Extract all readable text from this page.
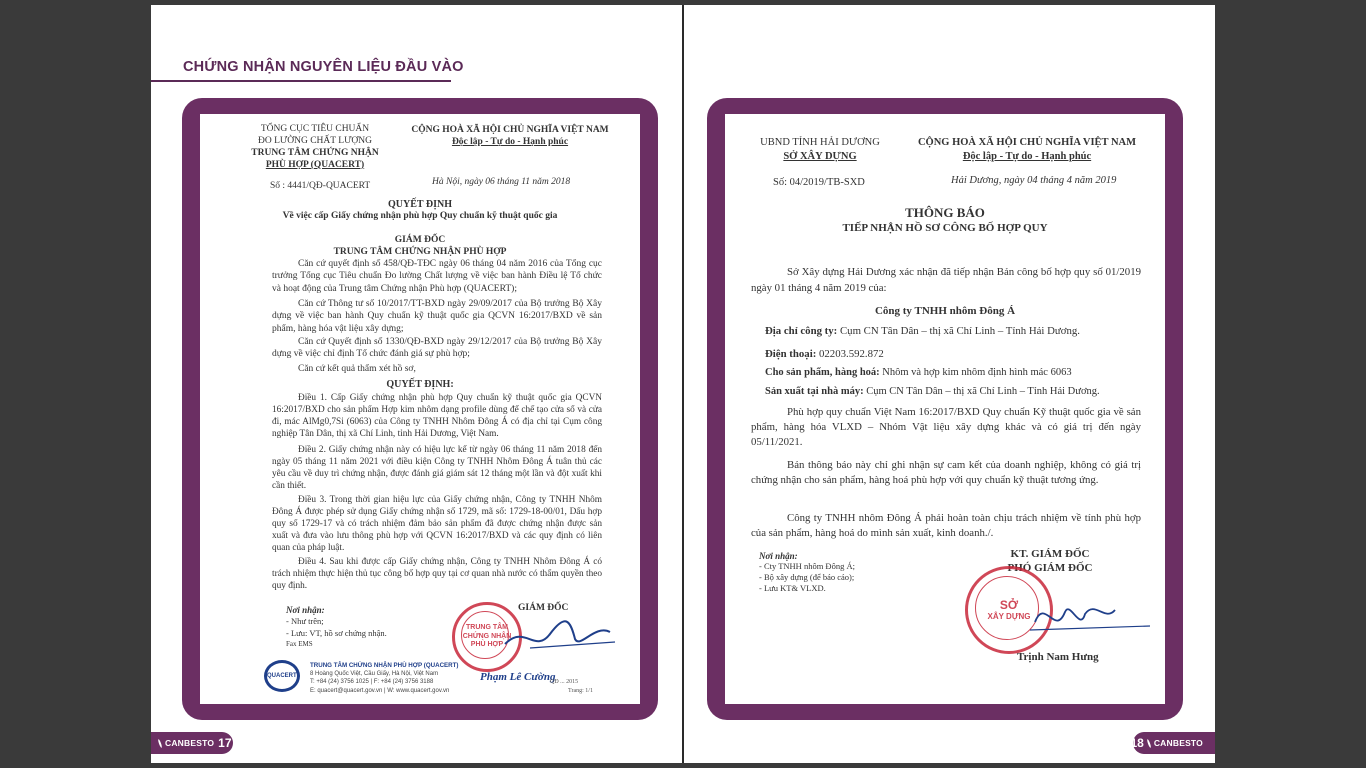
CHỨNG NHẬN NGUYÊN LIỆU ĐẦU VÀO
TỔNG CỤC TIÊU CHUẨN
ĐO LƯỜNG CHẤT LƯỢNG
TRUNG TÂM CHỨNG NHẬN
PHÙ HỢP (QUACERT)
CỘNG HOÀ XÃ HỘI CHỦ NGHĨA VIỆT NAM
Độc lập - Tự do - Hạnh phúc
Số : 4441/QĐ-QUACERT	Hà Nội, ngày 06 tháng 11 năm 2018
QUYẾT ĐỊNH
Về việc cấp Giấy chứng nhận phù hợp Quy chuẩn kỹ thuật quốc gia
GIÁM ĐỐC
TRUNG TÂM CHỨNG NHẬN PHÙ HỢP
Căn cứ quyết định số 458/QĐ-TĐC ngày 06 tháng 04 năm 2016 của Tổng cục trưởng Tổng cục Tiêu chuẩn Đo lường Chất lượng về việc ban hành Điều lệ Tổ chức và hoạt động của Trung tâm Chứng nhận Phù hợp (QUACERT);
Căn cứ Thông tư số 10/2017/TT-BXD ngày 29/09/2017 của Bộ trưởng Bộ Xây dựng về việc ban hành Quy chuẩn kỹ thuật quốc gia QCVN 16:2017/BXD về sản phẩm, hàng hóa vật liệu xây dựng;
Căn cứ Quyết định số 1330/QĐ-BXD ngày 29/12/2017 của Bộ trưởng Bộ Xây dựng về việc chỉ định Tổ chức đánh giá sự phù hợp;
Căn cứ kết quả thẩm xét hồ sơ,
QUYẾT ĐỊNH:
Điều 1. Cấp Giấy chứng nhận phù hợp Quy chuẩn kỹ thuật quốc gia QCVN 16:2017/BXD cho sản phẩm Hợp kim nhôm dạng profile dùng để chế tạo cửa sổ và cửa đi, mác AlMg0,7Si (6063) của Công ty TNHH Nhôm Đông Á có địa chỉ tại Cụm công nghiệp Tân Dân, thị xã Chí Linh, tỉnh Hải Dương, Việt Nam.
Điều 2. Giấy chứng nhận này có hiệu lực kể từ ngày 06 tháng 11 năm 2018 đến ngày 05 tháng 11 năm 2021 với điều kiện Công ty TNHH Nhôm Đông Á tuân thủ các yêu cầu về duy trì chứng nhận, được đánh giá giám sát 12 tháng một lần và đột xuất khi cần thiết.
Điều 3. Trong thời gian hiệu lực của Giấy chứng nhận, Công ty TNHH Nhôm Đông Á được phép sử dụng Giấy chứng nhận số 1729, mã số: 1729-18-00/01, Dấu hợp quy số 1729-17 và có trách nhiệm đảm bảo sản phẩm đã được chứng nhận được sản xuất và đưa vào lưu thông phù hợp với QCVN 16:2017/BXD và các quy định có liên quan của pháp luật.
Điều 4. Sau khi được cấp Giấy chứng nhận, Công ty TNHH Nhôm Đông Á có trách nhiệm thực hiện thủ tục công bố hợp quy tại cơ quan nhà nước có thẩm quyền theo quy định.
Nơi nhận:
- Như trên;
- Lưu: VT, hồ sơ chứng nhận.
Fax EMS
GIÁM ĐỐC
TRUNG TÂM
CHỨNG NHẬN
PHÙ HỢP
Phạm Lê Cường
QUACERT
TRUNG TÂM CHỨNG NHẬN PHÙ HỢP (QUACERT)
8 Hoàng Quốc Việt, Cầu Giấy, Hà Nội, Việt Nam
T: +84 (24) 3756 1025 | F: +84 (24) 3756 3188
E: quacert@quacert.gov.vn | W: www.quacert.gov.vn
QĐ ... 2015
Trang: 1/1
CANBESTO 17
UBND TỈNH HẢI DƯƠNG
SỞ XÂY DỰNG
CỘNG HOÀ XÃ HỘI CHỦ NGHĨA VIỆT NAM
Độc lập - Tự do - Hạnh phúc
Số: 04/2019/TB-SXD	Hải Dương, ngày 04 tháng 4 năm 2019
THÔNG BÁO
TIẾP NHẬN HỒ SƠ CÔNG BỐ HỢP QUY
Sở Xây dựng Hải Dương xác nhận đã tiếp nhận Bản công bố hợp quy số 01/2019 ngày 01 tháng 4 năm 2019 của:
Công ty TNHH nhôm Đông Á
Địa chỉ công ty: Cụm CN Tân Dân – thị xã Chí Linh – Tỉnh Hải Dương.
Điện thoại: 02203.592.872
Cho sản phẩm, hàng hoá: Nhôm và hợp kim nhôm định hình mác 6063
Sản xuất tại nhà máy: Cụm CN Tân Dân – thị xã Chí Linh – Tỉnh Hải Dương.
Phù hợp quy chuẩn Việt Nam 16:2017/BXD Quy chuẩn Kỹ thuật quốc gia về sản phẩm, hàng hóa VLXD – Nhóm Vật liệu xây dựng khác và có giá trị đến ngày 05/11/2021.
Bản thông báo này chỉ ghi nhận sự cam kết của doanh nghiệp, không có giá trị chứng nhận cho sản phẩm, hàng hoá phù hợp với quy chuẩn kỹ thuật tương ứng.
Công ty TNHH nhôm Đông Á phải hoàn toàn chịu trách nhiệm về tính phù hợp của sản phẩm, hàng hoá do mình sản xuất, kinh doanh./.
Nơi nhận:
- Cty TNHH nhôm Đông Á;
- Bộ xây dựng (để báo cáo);
- Lưu KT& VLXD.
KT. GIÁM ĐỐC
PHÓ GIÁM ĐỐC
SỞ
XÂY DỰNG
Trịnh Nam Hưng
18 CANBESTO
